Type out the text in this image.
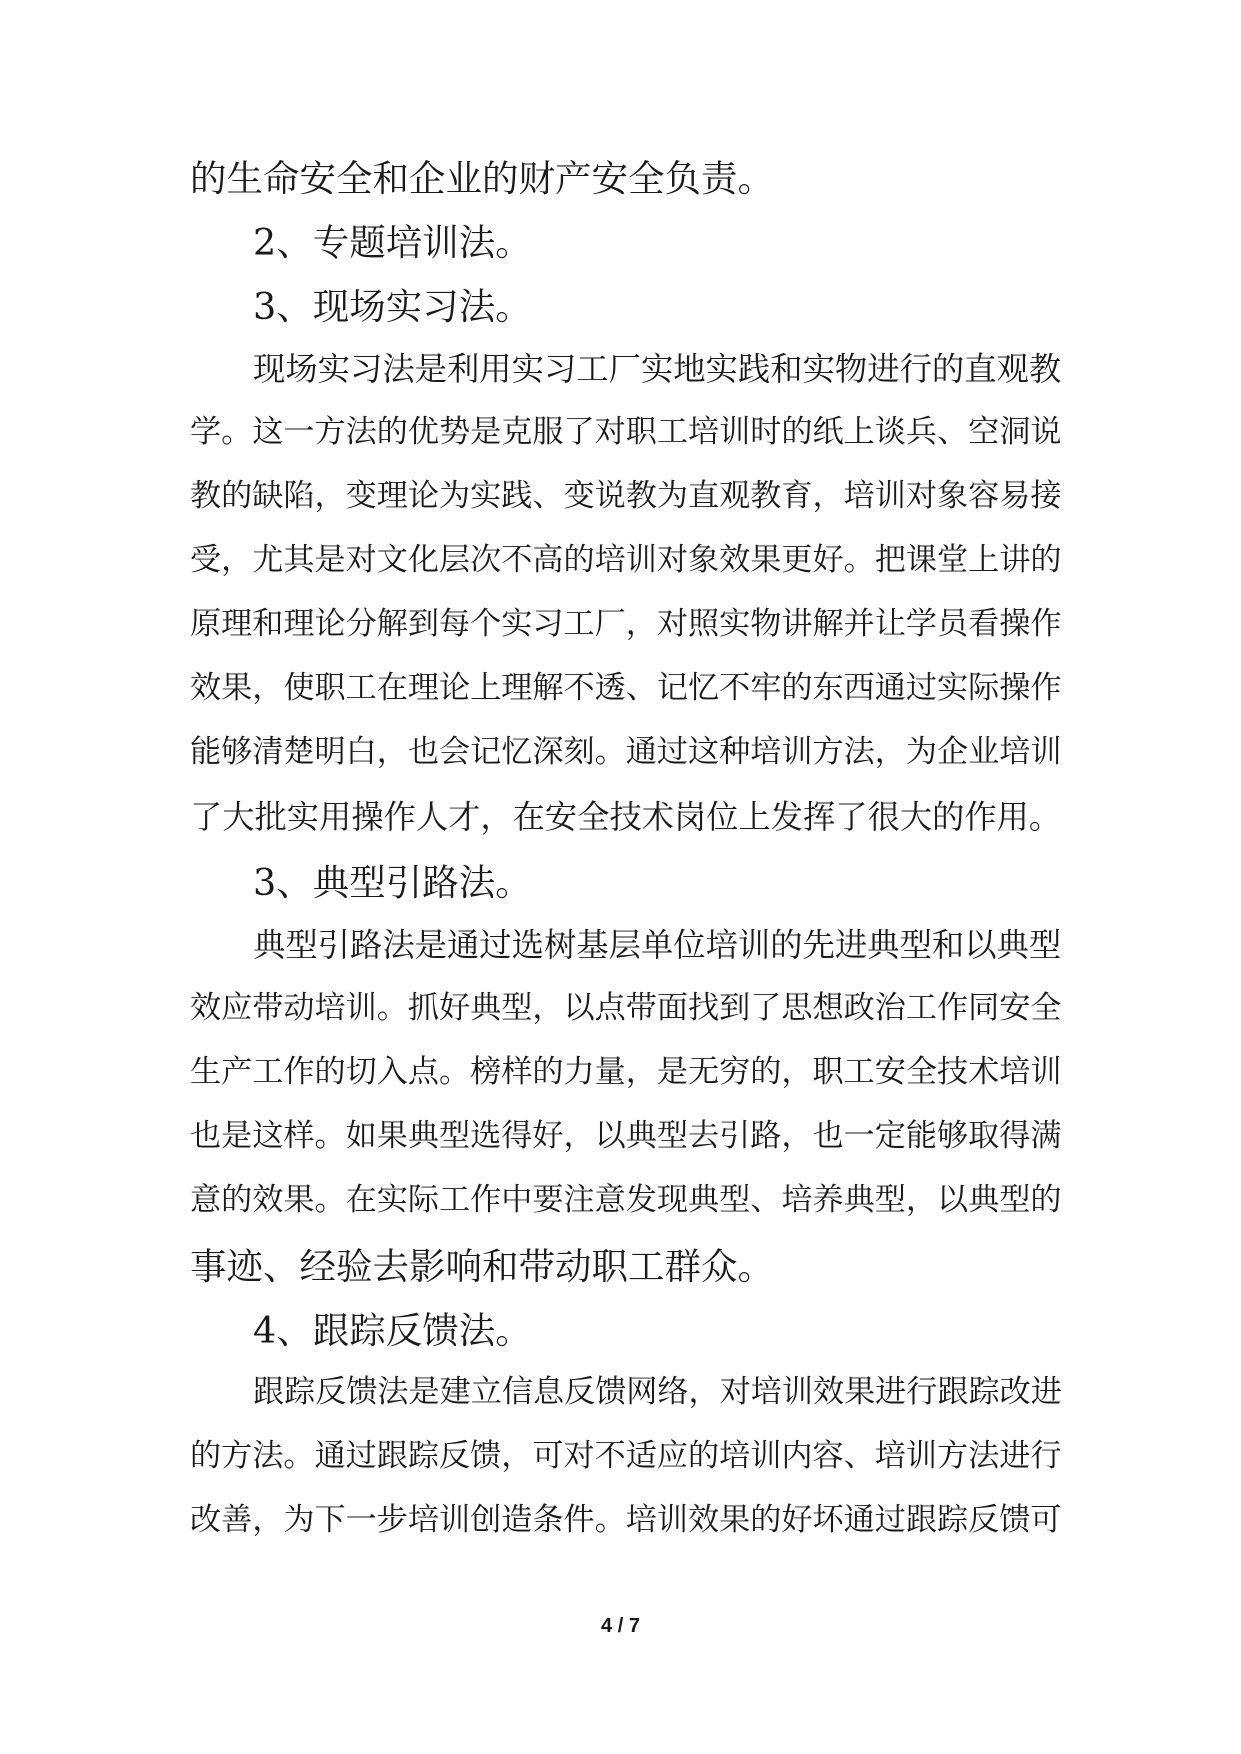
的生命安全和企业的财产安全负责。
2、专题培训法。
3、现场实习法。
现场实习法是利用实习工厂实地实践和实物进行的直观教
学。这一方法的优势是克服了对职工培训时的纸上谈兵、空洞说
教的缺陷，变理论为实践、变说教为直观教育，培训对象容易接
受，尤其是对文化层次不高的培训对象效果更好。把课堂上讲的
原理和理论分解到每个实习工厂，对照实物讲解并让学员看操作
效果，使职工在理论上理解不透、记忆不牢的东西通过实际操作
能够清楚明白，也会记忆深刻。通过这种培训方法，为企业培训
了大批实用操作人才，在安全技术岗位上发挥了很大的作用。
3、典型引路法。
典型引路法是通过选树基层单位培训的先进典型和以典型
效应带动培训。抓好典型，以点带面找到了思想政治工作同安全
生产工作的切入点。榜样的力量，是无穷的，职工安全技术培训
也是这样。如果典型选得好，以典型去引路，也一定能够取得满
意的效果。在实际工作中要注意发现典型、培养典型，以典型的
事迹、经验去影响和带动职工群众。
4、跟踪反馈法。
跟踪反馈法是建立信息反馈网络，对培训效果进行跟踪改进
的方法。通过跟踪反馈，可对不适应的培训内容、培训方法进行
改善，为下一步培训创造条件。培训效果的好坏通过跟踪反馈可
4 / 7
